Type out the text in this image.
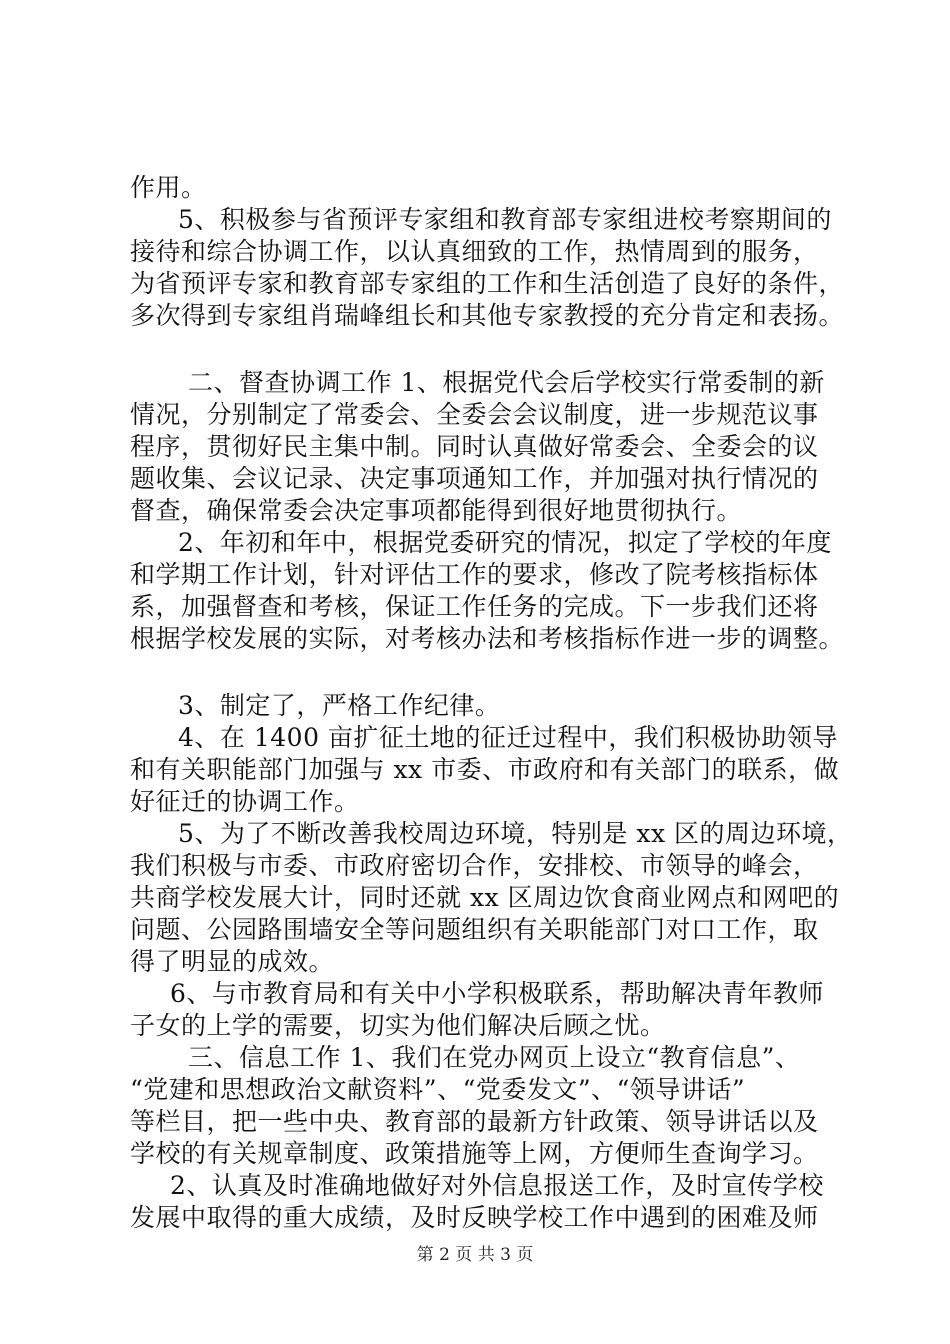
作用。
5、积极参与省预评专家组和教育部专家组进校考察期间的
接待和综合协调工作，以认真细致的工作，热情周到的服务，
为省预评专家和教育部专家组的工作和生活创造了良好的条件，
多次得到专家组肖瑞峰组长和其他专家教授的充分肯定和表扬。
二、督查协调工作 1、根据党代会后学校实行常委制的新
情况，分别制定了常委会、全委会会议制度，进一步规范议事
程序，贯彻好民主集中制。同时认真做好常委会、全委会的议
题收集、会议记录、决定事项通知工作，并加强对执行情况的
督查，确保常委会决定事项都能得到很好地贯彻执行。
2、年初和年中，根据党委研究的情况，拟定了学校的年度
和学期工作计划，针对评估工作的要求，修改了院考核指标体
系，加强督查和考核，保证工作任务的完成。下一步我们还将
根据学校发展的实际，对考核办法和考核指标作进一步的调整。
3、制定了，严格工作纪律。
4、在 1400 亩扩征土地的征迁过程中，我们积极协助领导
和有关职能部门加强与 xx 市委、市政府和有关部门的联系，做
好征迁的协调工作。
5、为了不断改善我校周边环境，特别是 xx 区的周边环境，
我们积极与市委、市政府密切合作，安排校、市领导的峰会，
共商学校发展大计，同时还就 xx 区周边饮食商业网点和网吧的
问题、公园路围墙安全等问题组织有关职能部门对口工作，取
得了明显的成效。
6、与市教育局和有关中小学积极联系，帮助解决青年教师
子女的上学的需要，切实为他们解决后顾之忧。
三、信息工作 1、我们在党办网页上设立“教育信息”、
“党建和思想政治文献资料”、“党委发文”、“领导讲话”
等栏目，把一些中央、教育部的最新方针政策、领导讲话以及
学校的有关规章制度、政策措施等上网，方便师生查询学习。
2、认真及时准确地做好对外信息报送工作，及时宣传学校
发展中取得的重大成绩，及时反映学校工作中遇到的困难及师
第 2 页 共 3 页
